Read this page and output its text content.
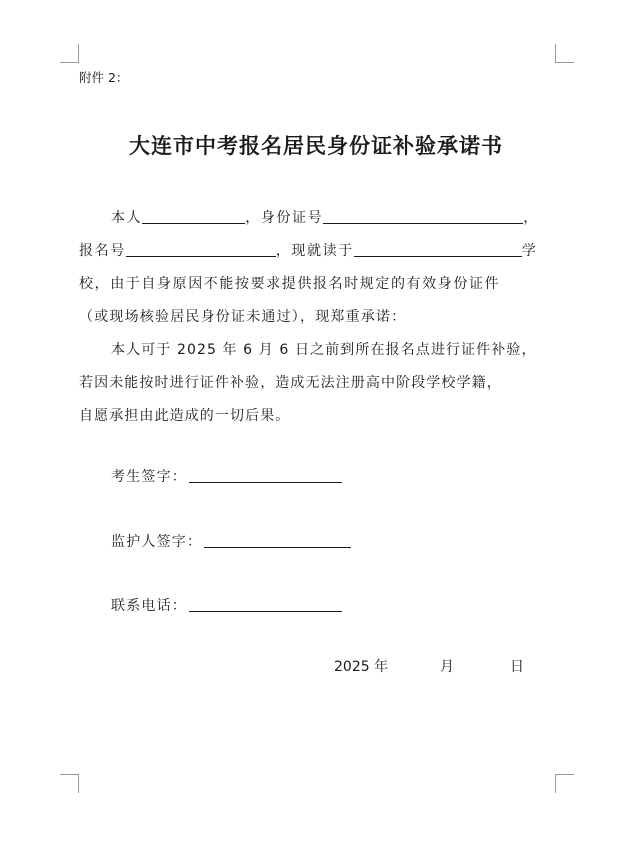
附件 2：
大连市中考报名居民身份证补验承诺书
本人	，身份证号	，
报名号	，现就读于	学
校，由于自身原因不能按要求提供报名时规定的有效身份证件
（或现场核验居民身份证未通过），现郑重承诺：
本人可于 2025 年 6 月 6 日之前到所在报名点进行证件补验，
若因未能按时进行证件补验，造成无法注册高中阶段学校学籍，
自愿承担由此造成的一切后果。
考生签字：
监护人签字：
联系电话：
2025 年	月	日
